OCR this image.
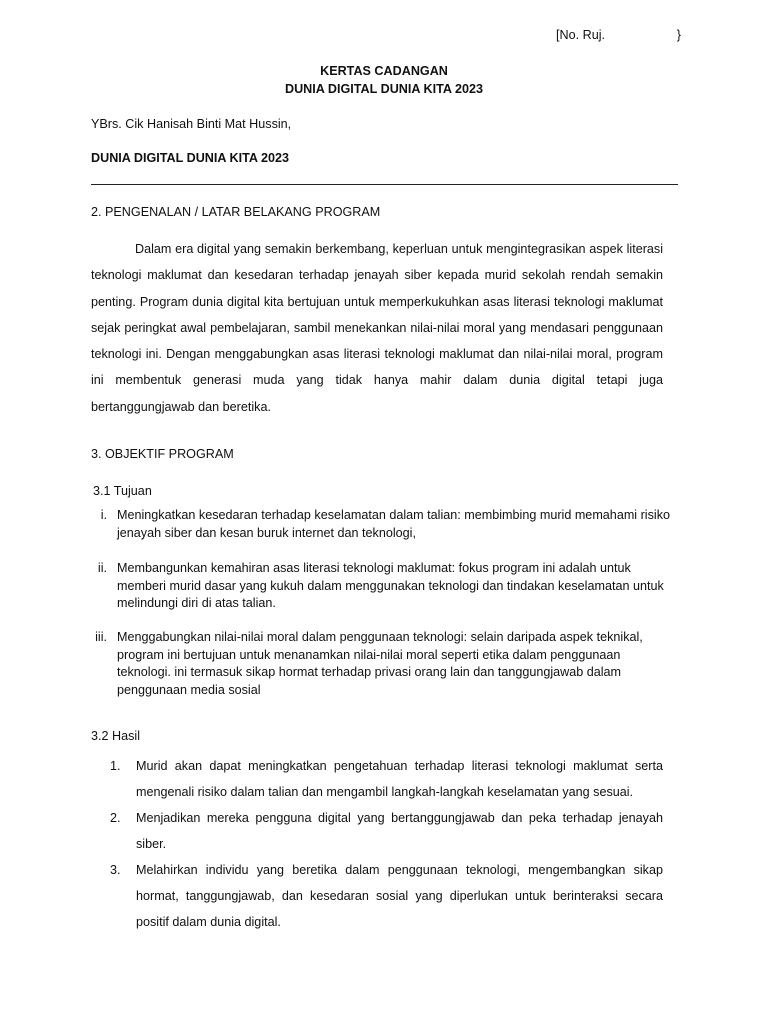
[No. Ruj.	}
KERTAS CADANGAN
DUNIA DIGITAL DUNIA KITA 2023
YBrs. Cik Hanisah Binti Mat Hussin,
DUNIA DIGITAL DUNIA KITA 2023
2. PENGENALAN / LATAR BELAKANG PROGRAM

Dalam era digital yang semakin berkembang, keperluan untuk mengintegrasikan aspek literasi teknologi maklumat dan kesedaran terhadap jenayah siber kepada murid sekolah rendah semakin penting. Program dunia digital kita bertujuan untuk memperkukuhkan asas literasi teknologi maklumat sejak peringkat awal pembelajaran, sambil menekankan nilai-nilai moral yang mendasari penggunaan teknologi ini. Dengan menggabungkan asas literasi teknologi maklumat dan nilai-nilai moral, program ini membentuk generasi muda yang tidak hanya mahir dalam dunia digital tetapi juga bertanggungjawab dan beretika.

3. OBJEKTIF PROGRAM
3.1 Tujuan
i. Meningkatkan kesedaran terhadap keselamatan dalam talian: membimbing murid memahami risiko jenayah siber dan kesan buruk internet dan teknologi,
ii. Membangunkan kemahiran asas literasi teknologi maklumat: fokus program ini adalah untuk memberi murid dasar yang kukuh dalam menggunakan teknologi dan tindakan keselamatan untuk melindungi diri di atas talian.
iii. Menggabungkan nilai-nilai moral dalam penggunaan teknologi: selain daripada aspek teknikal, program ini bertujuan untuk menanamkan nilai-nilai moral seperti etika dalam penggunaan teknologi. ini termasuk sikap hormat terhadap privasi orang lain dan tanggungjawab dalam penggunaan media sosial
3.2 Hasil
1. Murid akan dapat meningkatkan pengetahuan terhadap literasi teknologi maklumat serta mengenali risiko dalam talian dan mengambil langkah-langkah keselamatan yang sesuai.
2. Menjadikan mereka pengguna digital yang bertanggungjawab dan peka terhadap jenayah siber.
3. Melahirkan individu yang beretika dalam penggunaan teknologi, mengembangkan sikap hormat, tanggungjawab, dan kesedaran sosial yang diperlukan untuk berinteraksi secara positif dalam dunia digital.
